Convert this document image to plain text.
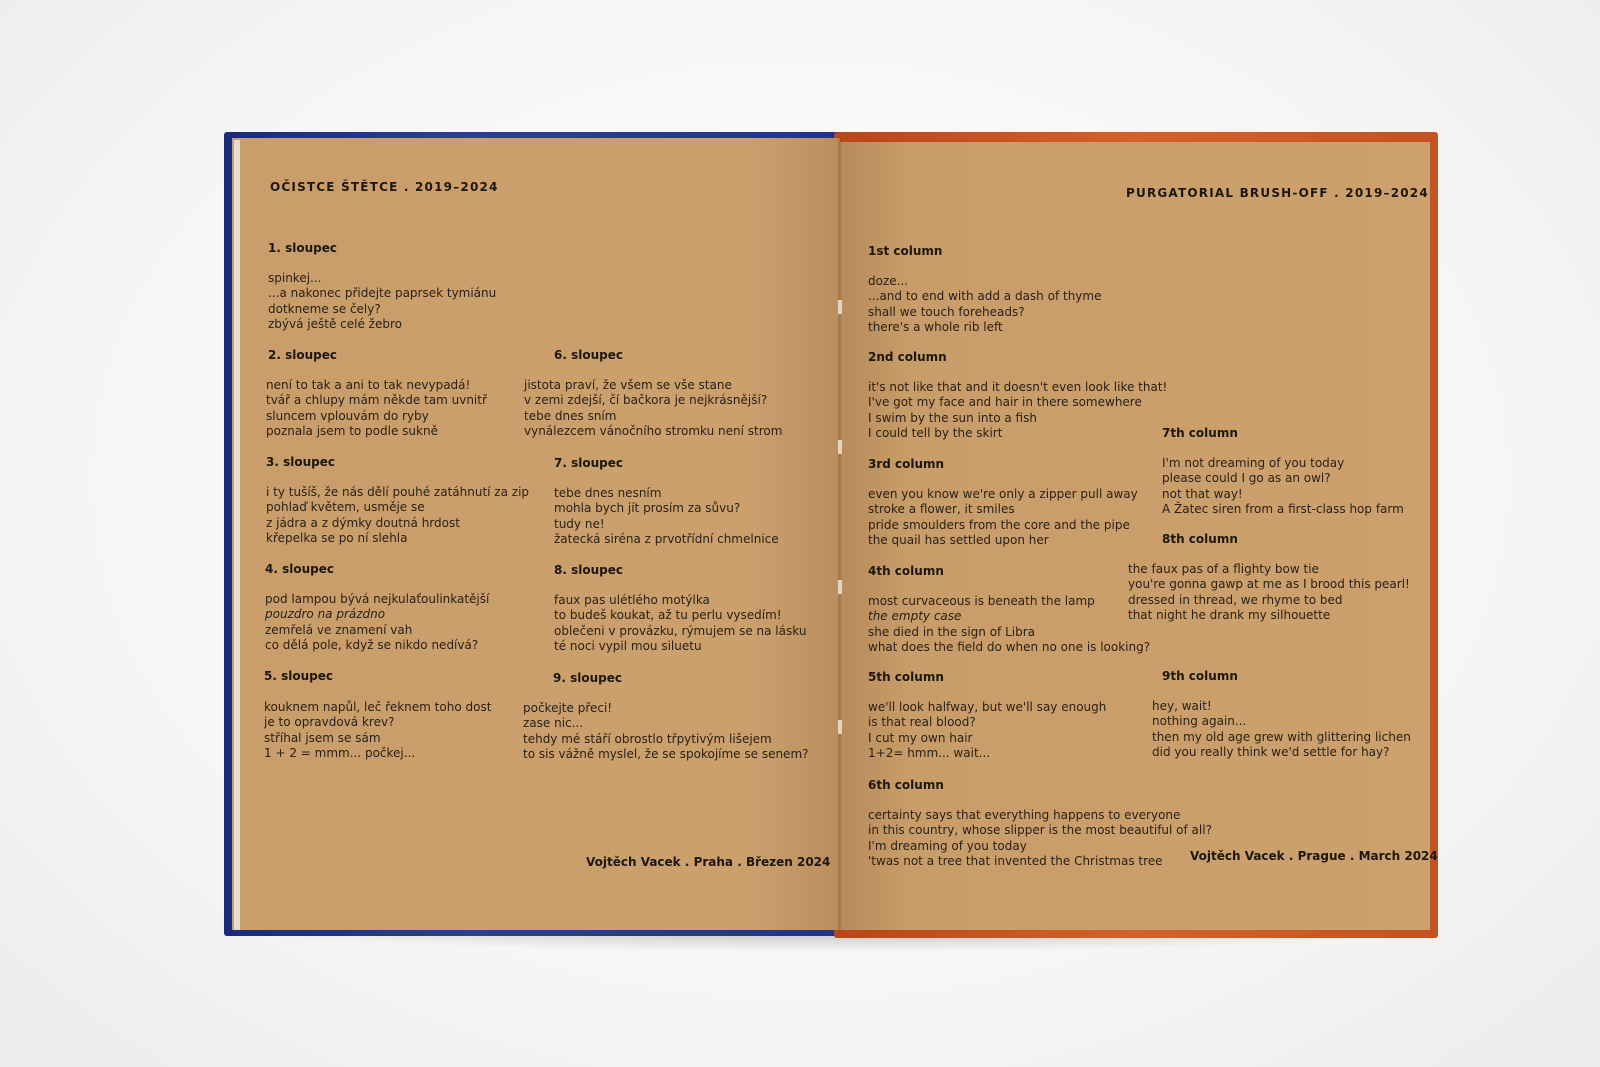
OČISTCE ŠTĚTCE . 2019–2024
1. sloupec
spinkej...
...a nakonec přidejte paprsek tymiánu
dotkneme se čely?
zbývá ještě celé žebro
2. sloupec
není to tak a ani to tak nevypadá!
tvář a chlupy mám někde tam uvnitř
sluncem vplouvám do ryby
poznala jsem to podle sukně
3. sloupec
i ty tušíš, že nás dělí pouhé zatáhnutí za zip
pohlaď květem, usměje se
z jádra a z dýmky doutná hrdost
křepelka se po ní slehla
4. sloupec
pod lampou bývá nejkulaťoulinkatější
pouzdro na prázdno
zemřelá ve znamení vah
co dělá pole, když se nikdo nedívá?
5. sloupec
kouknem napůl, leč řeknem toho dost
je to opravdová krev?
stříhal jsem se sám
1 + 2 = mmm... počkej...
6. sloupec
jistota praví, že všem se vše stane
v zemi zdejší, čí bačkora je nejkrásnější?
tebe dnes sním
vynálezcem vánočního stromku není strom
7. sloupec
tebe dnes nesním
mohla bych jít prosím za sůvu?
tudy ne!
žatecká siréna z prvotřídní chmelnice
8. sloupec
faux pas ulétlého motýlka
to budeš koukat, až tu perlu vysedím!
oblečeni v provázku, rýmujem se na lásku
té noci vypil mou siluetu
9. sloupec
počkejte přeci!
zase nic...
tehdy mé stáří obrostlo třpytivým lišejem
to sis vážně myslel, že se spokojíme se senem?
Vojtěch Vacek . Praha . Březen 2024
PURGATORIAL BRUSH-OFF . 2019–2024
1st column
doze...
...and to end with add a dash of thyme
shall we touch foreheads?
there's a whole rib left
2nd column
it's not like that and it doesn't even look like that!
I've got my face and hair in there somewhere
I swim by the sun into a fish
I could tell by the skirt
3rd column
even you know we're only a zipper pull away
stroke a flower, it smiles
pride smoulders from the core and the pipe
the quail has settled upon her
4th column
most curvaceous is beneath the lamp
the empty case
she died in the sign of Libra
what does the field do when no one is looking?
5th column
we'll look halfway, but we'll say enough
is that real blood?
I cut my own hair
1+2= hmm... wait...
6th column
certainty says that everything happens to everyone
in this country, whose slipper is the most beautiful of all?
I'm dreaming of you today
'twas not a tree that invented the Christmas tree
7th column
I'm not dreaming of you today
please could I go as an owl?
not that way!
A Žatec siren from a first-class hop farm
8th column
the faux pas of a flighty bow tie
you're gonna gawp at me as I brood this pearl!
dressed in thread, we rhyme to bed
that night he drank my silhouette
9th column
hey, wait!
nothing again...
then my old age grew with glittering lichen
did you really think we'd settle for hay?
Vojtěch Vacek . Prague . March 2024
